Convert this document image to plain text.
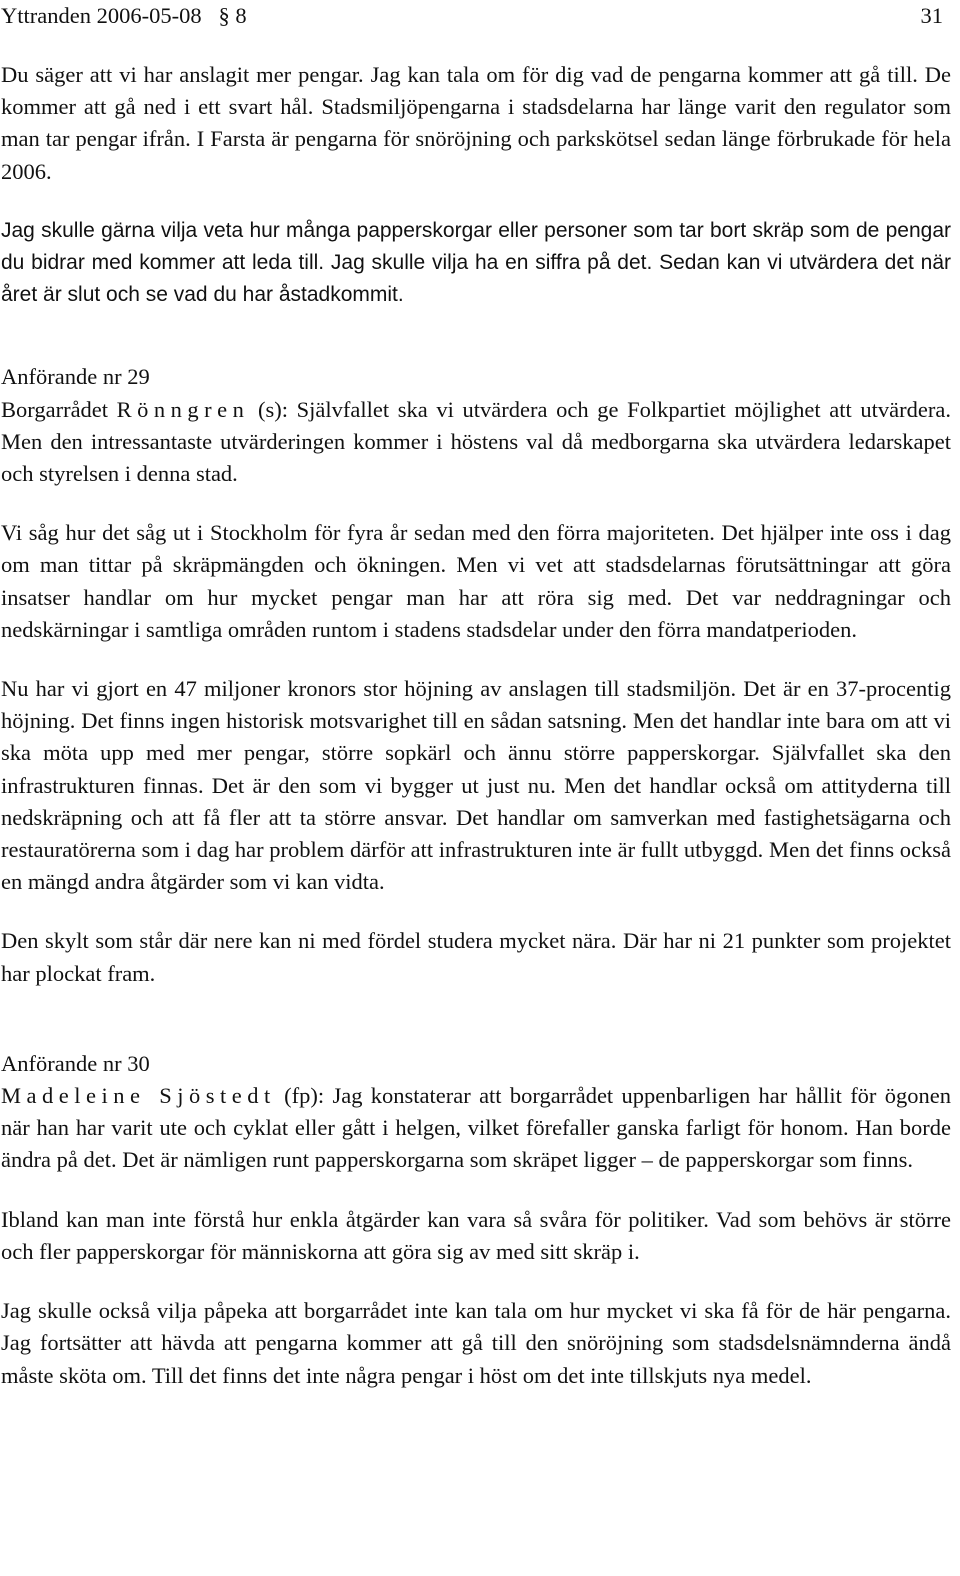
Yttranden 2006-05-08   § 8	31

Du säger att vi har anslagit mer pengar. Jag kan tala om för dig vad de pengarna kommer att gå till. De kommer att gå ned i ett svart hål. Stadsmiljöpengarna i stadsdelarna har länge varit den regulator som man tar pengar ifrån. I Farsta är pengarna för snöröjning och parkskötsel sedan länge förbrukade för hela 2006.

Jag skulle gärna vilja veta hur många papperskorgar eller personer som tar bort skräp som de pengar du bidrar med kommer att leda till. Jag skulle vilja ha en siffra på det. Sedan kan vi utvärdera det när året är slut och se vad du har åstadkommit.

Anförande nr 29

Borgarrådet Rönngren (s): Självfallet ska vi utvärdera och ge Folkpartiet möjlighet att utvärdera. Men den intressantaste utvärderingen kommer i höstens val då medborgarna ska utvärdera ledarskapet och styrelsen i denna stad.

Vi såg hur det såg ut i Stockholm för fyra år sedan med den förra majoriteten. Det hjälper inte oss i dag om man tittar på skräpmängden och ökningen. Men vi vet att stadsdelarnas förutsättningar att göra insatser handlar om hur mycket pengar man har att röra sig med. Det var neddragningar och nedskärningar i samtliga områden runtom i stadens stadsdelar under den förra mandatperioden.

Nu har vi gjort en 47 miljoner kronors stor höjning av anslagen till stadsmiljön. Det är en 37-procentig höjning. Det finns ingen historisk motsvarighet till en sådan satsning. Men det handlar inte bara om att vi ska möta upp med mer pengar, större sopkärl och ännu större papperskorgar. Självfallet ska den infrastrukturen finnas. Det är den som vi bygger ut just nu. Men det handlar också om attityderna till nedskräpning och att få fler att ta större ansvar. Det handlar om samverkan med fastighetsägarna och restauratörerna som i dag har problem därför att infrastrukturen inte är fullt utbyggd. Men det finns också en mängd andra åtgärder som vi kan vidta.

Den skylt som står där nere kan ni med fördel studera mycket nära. Där har ni 21 punkter som projektet har plockat fram.

Anförande nr 30

Madeleine Sjöstedt (fp): Jag konstaterar att borgarrådet uppenbarligen har hållit för ögonen när han har varit ute och cyklat eller gått i helgen, vilket förefaller ganska farligt för honom. Han borde ändra på det. Det är nämligen runt papperskorgarna som skräpet ligger – de papperskorgar som finns.

Ibland kan man inte förstå hur enkla åtgärder kan vara så svåra för politiker. Vad som behövs är större och fler papperskorgar för människorna att göra sig av med sitt skräp i.

Jag skulle också vilja påpeka att borgarrådet inte kan tala om hur mycket vi ska få för de här pengarna. Jag fortsätter att hävda att pengarna kommer att gå till den snöröjning som stadsdelsnämnderna ändå måste sköta om. Till det finns det inte några pengar i höst om det inte tillskjuts nya medel.
